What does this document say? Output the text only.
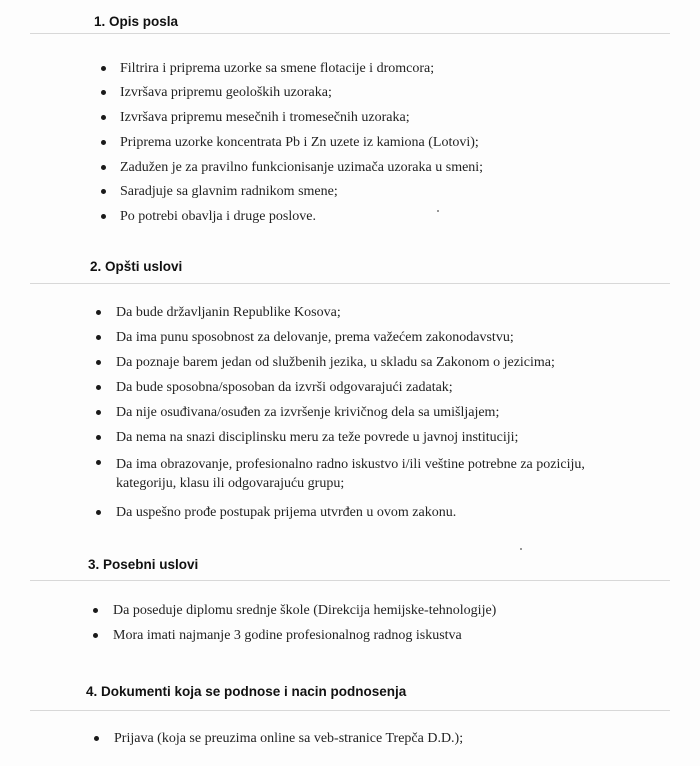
1. Opis posla
Filtrira i priprema uzorke sa smene flotacije i dromcora;
Izvršava pripremu geoloških uzoraka;
Izvršava pripremu mesečnih i tromesečnih uzoraka;
Priprema uzorke koncentrata Pb i Zn uzete iz kamiona (Lotovi);
Zadužen je za pravilno funkcionisanje uzimača uzoraka u smeni;
Saradjuje sa glavnim radnikom smene;
Po potrebi obavlja i druge poslove.
2. Opšti uslovi
Da bude državljanin Republike Kosova;
Da ima punu sposobnost za delovanje, prema važećem zakonodavstvu;
Da poznaje barem jedan od službenih jezika, u skladu sa Zakonom o jezicima;
Da bude sposobna/sposoban da izvrši odgovarajući zadatak;
Da nije osuđivana/osuđen za izvršenje krivičnog dela sa umišljajem;
Da nema na snazi disciplinsku meru za teže povrede u javnoj instituciji;
Da ima obrazovanje, profesionalno radno iskustvo i/ili veštine potrebne za poziciju, kategoriju, klasu ili odgovarajuću grupu;
Da uspešno prođe postupak prijema utvrđen u ovom zakonu.
3. Posebni uslovi
Da poseduje diplomu srednje škole (Direkcija hemijske-tehnologije)
Mora imati najmanje 3 godine profesionalnog radnog iskustva
4. Dokumenti koja se podnose i nacin podnosenja
Prijava (koja se preuzima online sa veb-stranice Trepča D.D.);
